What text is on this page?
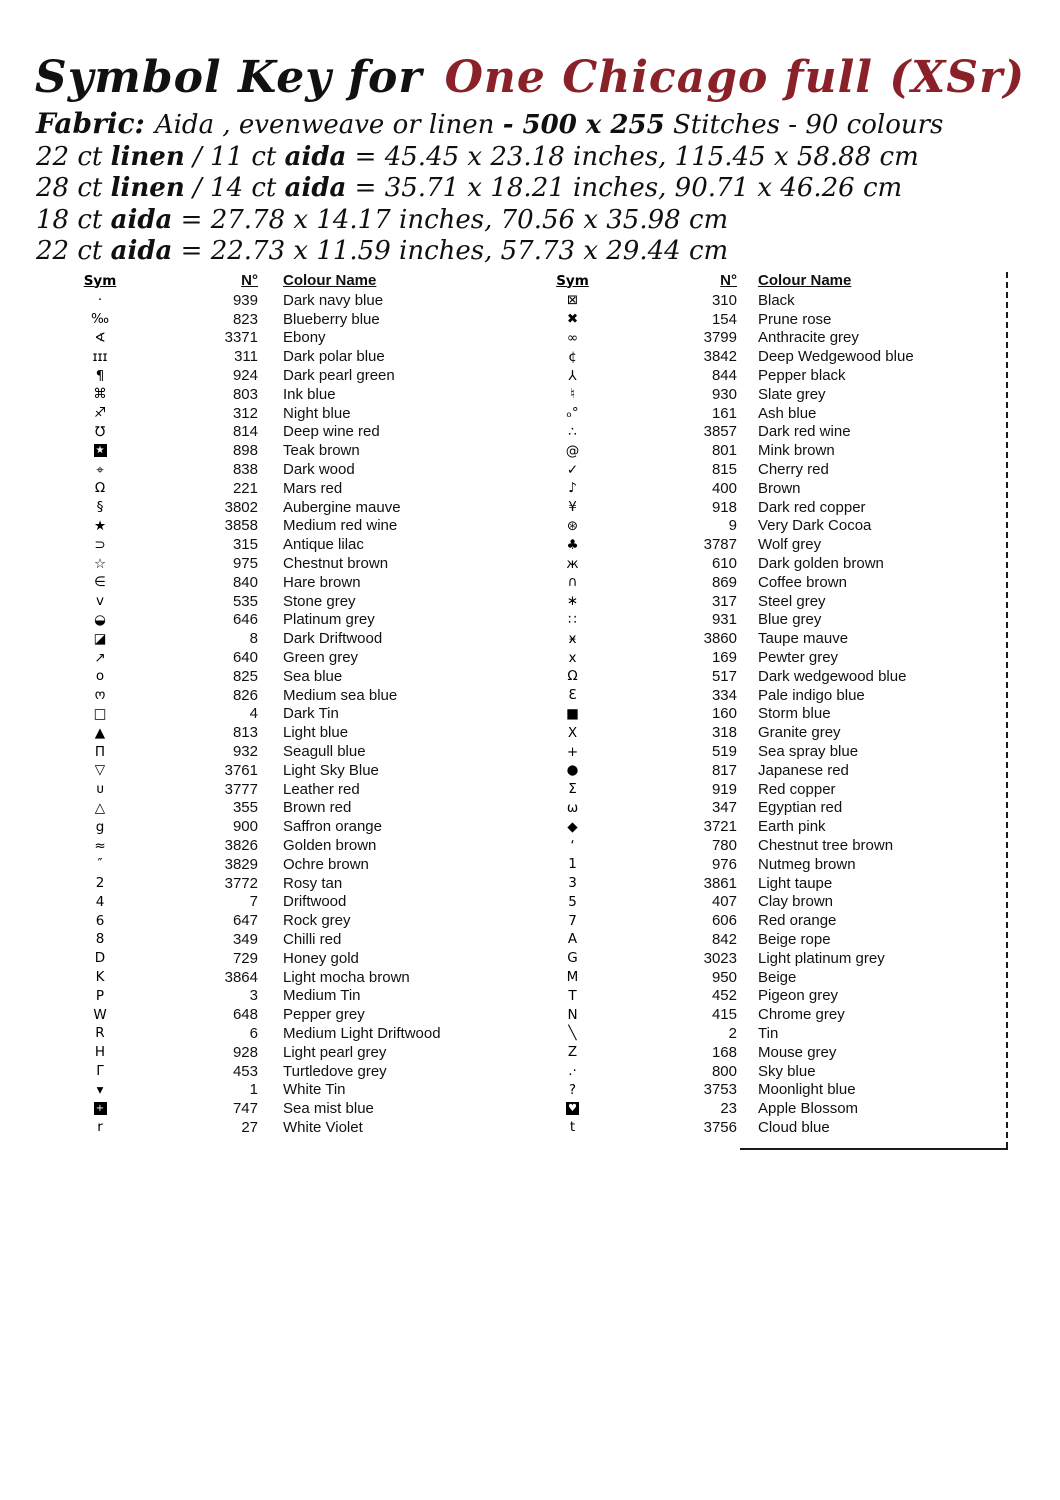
Symbol Key for One Chicago full (XSr)
Fabric: Aida , evenweave or linen - 500 x 255 Stitches - 90 colours
22 ct linen / 11 ct aida = 45.45 x 23.18 inches, 115.45 x 58.88 cm
28 ct linen / 14 ct aida = 35.71 x 18.21 inches, 90.71 x 46.26 cm
18 ct aida = 27.78 x 14.17 inches, 70.56 x 35.98 cm
22 ct aida = 22.73 x 11.59 inches, 57.73 x 29.44 cm
Sym	N° Colour Name
·	939 Dark navy blue
‰	823 Blueberry blue
∢	3371 Ebony
ɪɪɪ	311 Dark polar blue
¶	924 Dark pearl green
⌘	803 Ink blue
♐	312 Night blue
℧	814 Deep wine red
★	898 Teak brown
⌖	838 Dark wood
Ω	221 Mars red
§	3802 Aubergine mauve
★	3858 Medium red wine
⊃	315 Antique lilac
☆	975 Chestnut brown
∈	840 Hare brown
ᴠ	535 Stone grey
◒	646 Platinum grey
◪	8 Dark Driftwood
↗	640 Green grey
o	825 Sea blue
ო	826 Medium sea blue
□	4 Dark Tin
▲	813 Light blue
Π	932 Seagull blue
▽	3761 Light Sky Blue
ᴜ	3777 Leather red
△	355 Brown red
g	900 Saffron orange
≈	3826 Golden brown
″	3829 Ochre brown
2	3772 Rosy tan
4	7 Driftwood
6	647 Rock grey
8	349 Chilli red
D	729 Honey gold
K	3864 Light mocha brown
P	3 Medium Tin
W	648 Pepper grey
R	6 Medium Light Driftwood
H	928 Light pearl grey
Γ	453 Turtledove grey
▾	1 White Tin
+	747 Sea mist blue
r	27 White Violet
Sym	N° Colour Name
⊠	310 Black
✖	154 Prune rose
∞	3799 Anthracite grey
¢	3842 Deep Wedgewood blue
⅄	844 Pepper black
♮	930 Slate grey
ₒ°	161 Ash blue
∴	3857 Dark red wine
@	801 Mink brown
✓	815 Cherry red
♪	400 Brown
¥	918 Dark red copper
⊛	9 Very Dark Cocoa
♣	3787 Wolf grey
ж	610 Dark golden brown
∩	869 Coffee brown
∗	317 Steel grey
∷	931 Blue grey
ӿ	3860 Taupe mauve
x	169 Pewter grey
Ω	517 Dark wedgewood blue
Ɛ	334 Pale indigo blue
■	160 Storm blue
Χ	318 Granite grey
+	519 Sea spray blue
●	817 Japanese red
Σ	919 Red copper
ω	347 Egyptian red
◆	3721 Earth pink
‘	780 Chestnut tree brown
1	976 Nutmeg brown
3	3861 Light taupe
5	407 Clay brown
7	606 Red orange
A	842 Beige rope
G	3023 Light platinum grey
M	950 Beige
T	452 Pigeon grey
N	415 Chrome grey
╲	2 Tin
Z	168 Mouse grey
.·	800 Sky blue
?	3753 Moonlight blue
♥	23 Apple Blossom
t	3756 Cloud blue
